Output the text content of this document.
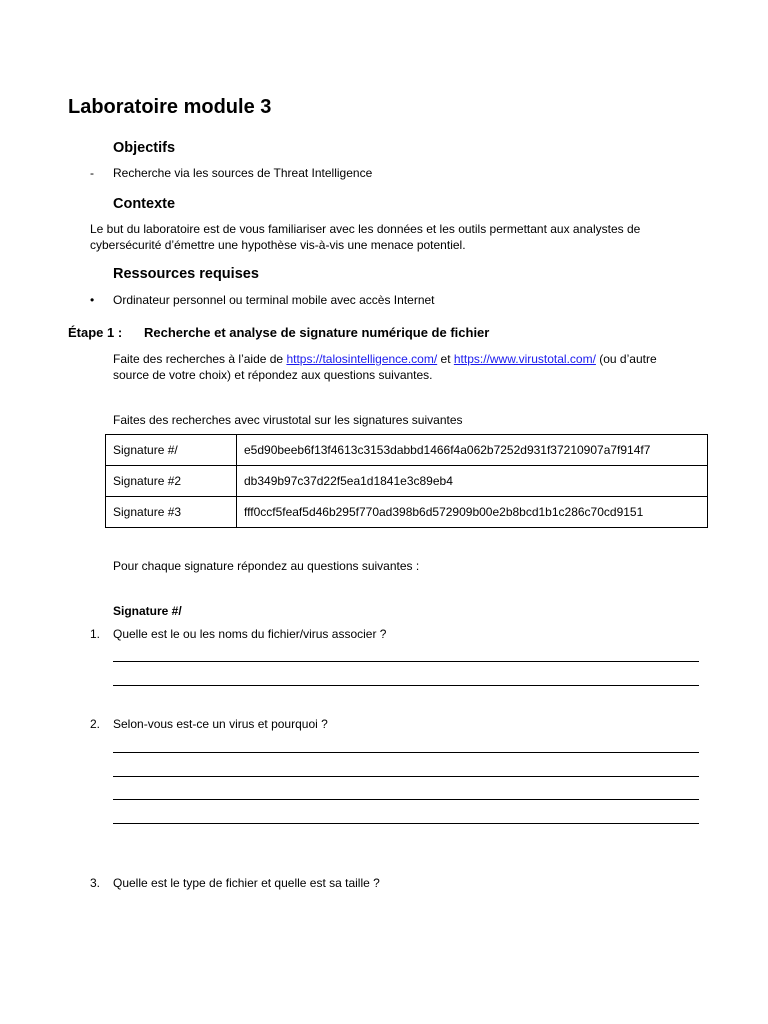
Laboratoire module 3
Objectifs
- Recherche via les sources de Threat Intelligence
Contexte
Le but du laboratoire est de vous familiariser avec les données et les outils permettant aux analystes de
cybersécurité d’émettre une hypothèse vis-à-vis une menace potentiel.
Ressources requises
• Ordinateur personnel ou terminal mobile avec accès Internet
Étape 1 : Recherche et analyse de signature numérique de fichier
Faite des recherches à l’aide de https://talosintelligence.com/ et https://www.virustotal.com/ (ou d’autre
source de votre choix) et répondez aux questions suivantes.
Faites des recherches avec virustotal sur les signatures suivantes
Signature #/	e5d90beeb6f13f4613c3153dabbd1466f4a062b7252d931f37210907a7f914f7
Signature #2	db349b97c37d22f5ea1d1841e3c89eb4
Signature #3	fff0ccf5feaf5d46b295f770ad398b6d572909b00e2b8bcd1b1c286c70cd9151
Pour chaque signature répondez au questions suivantes :
Signature #/
1. Quelle est le ou les noms du fichier/virus associer ?
2. Selon-vous est-ce un virus et pourquoi ?
3. Quelle est le type de fichier et quelle est sa taille ?
